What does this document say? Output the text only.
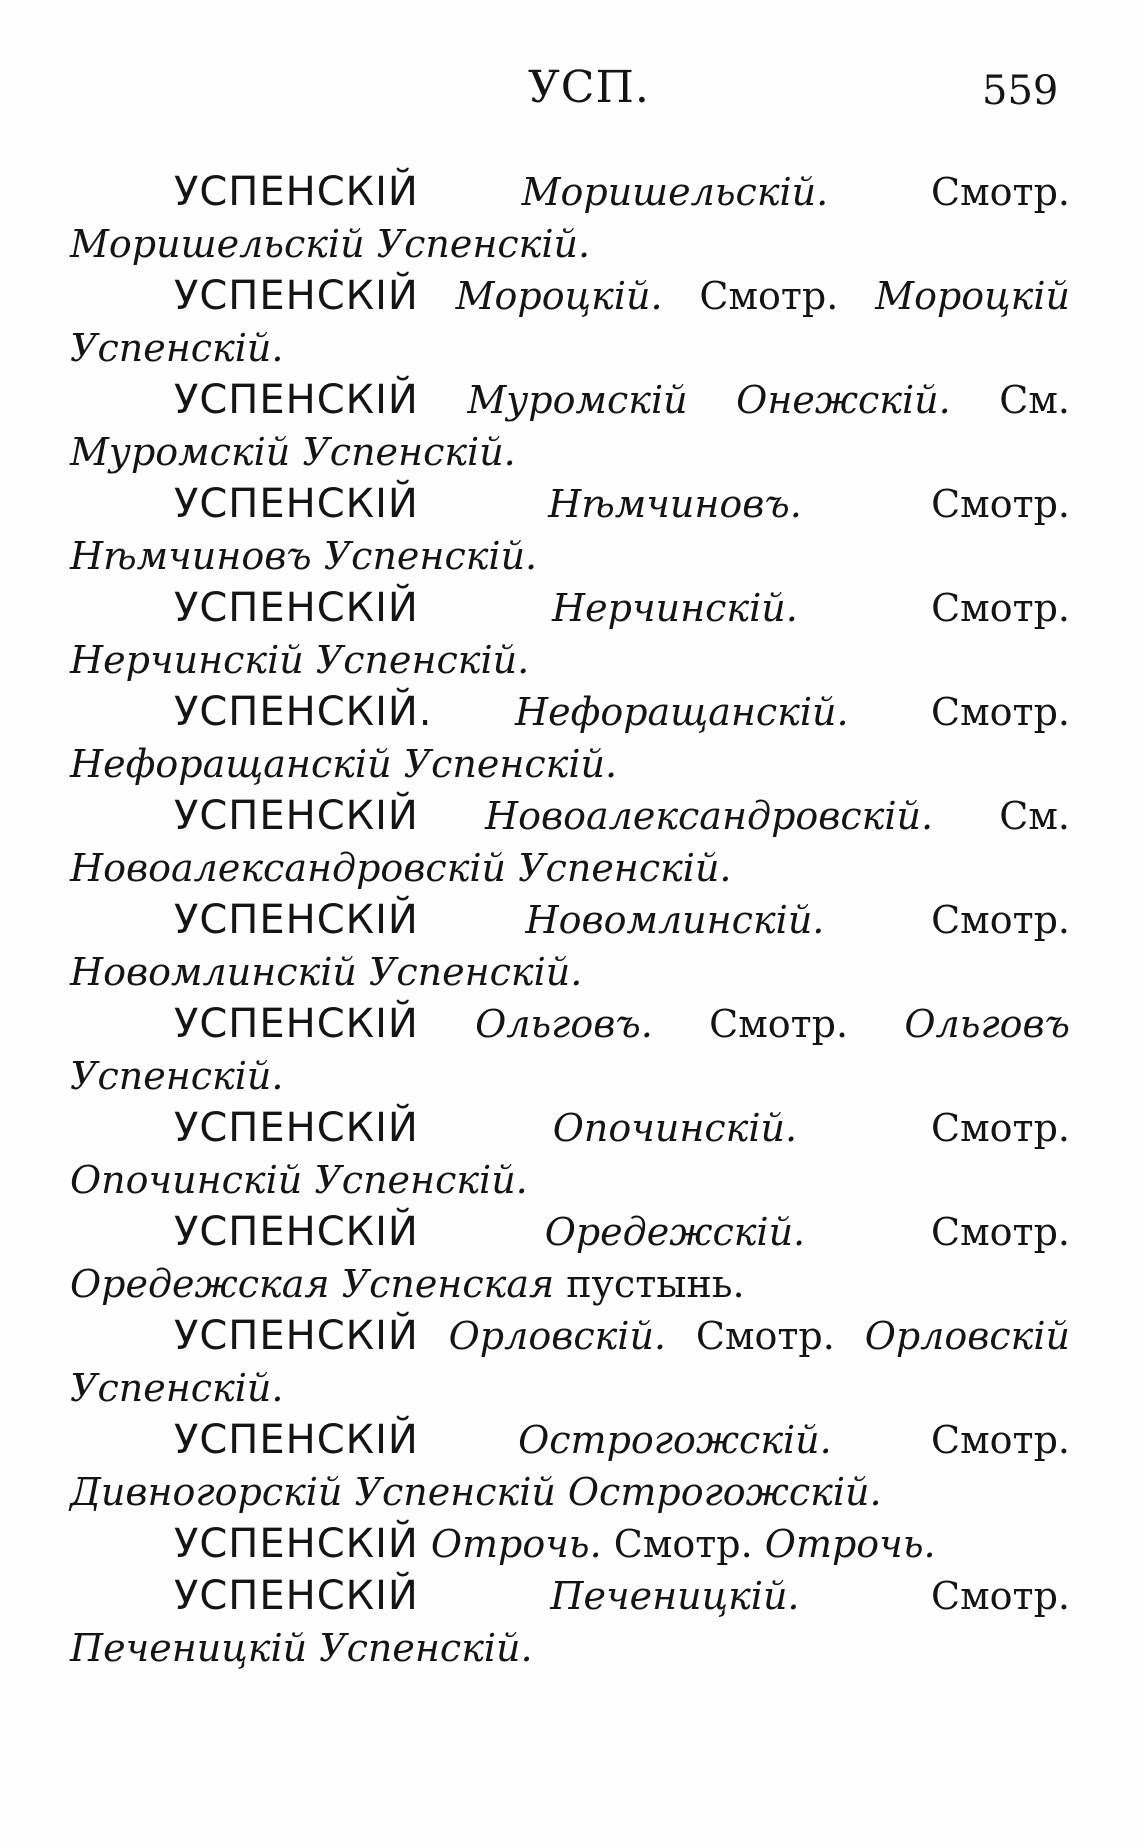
УСП.	559

УСПЕНСКІЙ	Моришельскій.	Смотр. Моришельскій Успенскій.

УСПЕНСКІЙ Мороцкій. Смотр. Мороцкій Успенскій.

УСПЕНСКІЙ Муромскій Онежскій. См. Муромскій Успенскій.

УСПЕНСКІЙ	Нѣмчиновъ.	Смотр. Нѣмчиновъ Успенскій.

УСПЕНСКІЙ	Нерчинскій.	Смотр. Нерчинскій Успенскій.

УСПЕНСКІЙ. Нефоращанскій. Смотр. Нефоращанскій Успенскій.

УСПЕНСКІЙ Новоалександровскій. См. Новоалександровскій Успенскій.

УСПЕНСКІЙ	Новомлинскій.	Смотр. Новомлинскій Успенскій.

УСПЕНСКІЙ Ольговъ. Смотр. Ольговъ Успенскій.

УСПЕНСКІЙ	Опочинскій.	Смотр. Опочинскій Успенскій.

УСПЕНСКІЙ	Оредежскій.	Смотр. Оредежская Успенская пустынь.

УСПЕНСКІЙ Орловскій. Смотр. Орловскій Успенскій.

УСПЕНСКІЙ	Острогожскій.	Смотр. Дивногорскій Успенскій Острогожскій.

УСПЕНСКІЙ Отрочь. Смотр. Отрочь.

УСПЕНСКІЙ	Печеницкій.	Смотр. Печеницкій Успенскій.
